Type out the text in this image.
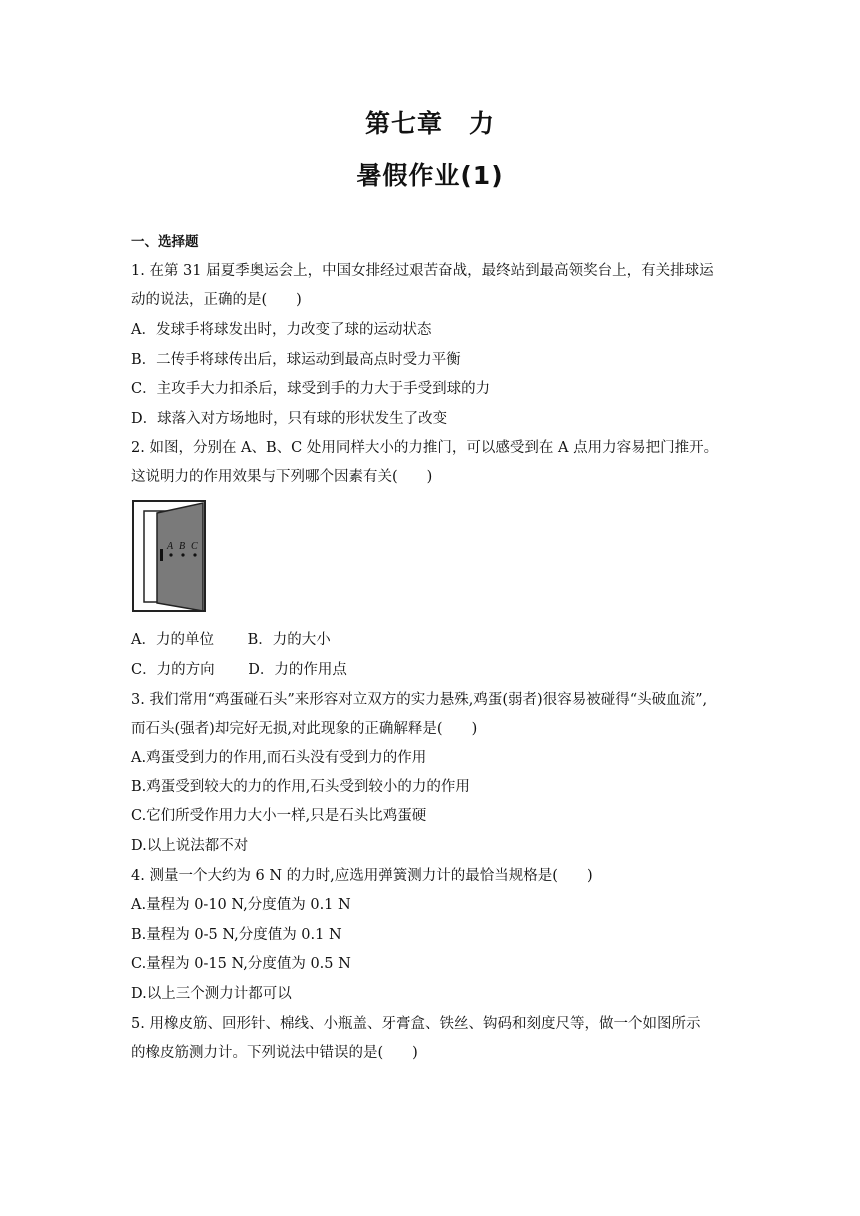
第七章　力
暑假作业(1)
一、选择题
1. 在第 31 届夏季奥运会上，中国女排经过艰苦奋战，最终站到最高领奖台上，有关排球运
动的说法，正确的是(　　)
A．发球手将球发出时，力改变了球的运动状态
B．二传手将球传出后，球运动到最高点时受力平衡
C．主攻手大力扣杀后，球受到手的力大于手受到球的力
D．球落入对方场地时，只有球的形状发生了改变
2. 如图，分别在 A、B、C 处用同样大小的力推门，可以感受到在 A 点用力容易把门推开。
这说明力的作用效果与下列哪个因素有关(　　)
A B C
A．力的单位　　 B．力的大小
C．力的方向　　 D．力的作用点
3. 我们常用“鸡蛋碰石头”来形容对立双方的实力悬殊,鸡蛋(弱者)很容易被碰得“头破血流”,
而石头(强者)却完好无损,对此现象的正确解释是(　　)
A.鸡蛋受到力的作用,而石头没有受到力的作用
B.鸡蛋受到较大的力的作用,石头受到较小的力的作用
C.它们所受作用力大小一样,只是石头比鸡蛋硬
D.以上说法都不对
4. 测量一个大约为 6 N 的力时,应选用弹簧测力计的最恰当规格是(　　)
A.量程为 0-10 N,分度值为 0.1 N
B.量程为 0-5 N,分度值为 0.1 N
C.量程为 0-15 N,分度值为 0.5 N
D.以上三个测力计都可以
5. 用橡皮筋、回形针、棉线、小瓶盖、牙膏盒、铁丝、钩码和刻度尺等，做一个如图所示
的橡皮筋测力计。下列说法中错误的是(　　)
